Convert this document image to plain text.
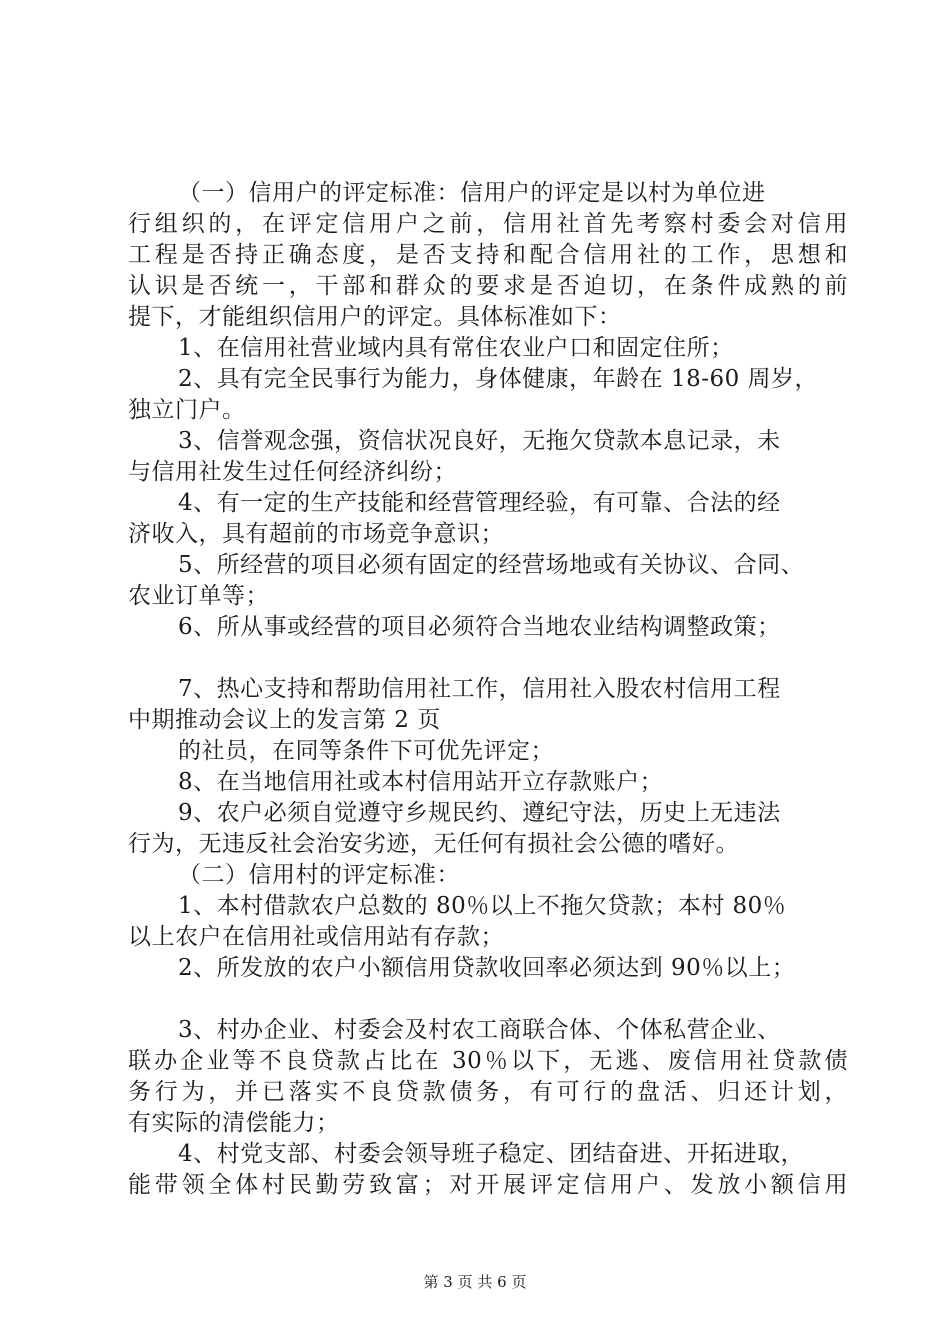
（一）信用户的评定标准：信用户的评定是以村为单位进
行组织的，在评定信用户之前，信用社首先考察村委会对信用
工程是否持正确态度，是否支持和配合信用社的工作，思想和
认识是否统一，干部和群众的要求是否迫切，在条件成熟的前
提下，才能组织信用户的评定。具体标准如下：
1、在信用社营业域内具有常住农业户口和固定住所；
2、具有完全民事行为能力，身体健康，年龄在 18-60 周岁，
独立门户。
3、信誉观念强，资信状况良好，无拖欠贷款本息记录，未
与信用社发生过任何经济纠纷；
4、有一定的生产技能和经营管理经验，有可靠、合法的经
济收入，具有超前的市场竞争意识；
5、所经营的项目必须有固定的经营场地或有关协议、合同、
农业订单等；
6、所从事或经营的项目必须符合当地农业结构调整政策；
7、热心支持和帮助信用社工作，信用社入股农村信用工程
中期推动会议上的发言第 2 页
的社员，在同等条件下可优先评定；
8、在当地信用社或本村信用站开立存款账户；
9、农户必须自觉遵守乡规民约、遵纪守法，历史上无违法
行为，无违反社会治安劣迹，无任何有损社会公德的嗜好。
（二）信用村的评定标准：
1、本村借款农户总数的 80％以上不拖欠贷款；本村 80％
以上农户在信用社或信用站有存款；
2、所发放的农户小额信用贷款收回率必须达到 90％以上；
3、村办企业、村委会及村农工商联合体、个体私营企业、
联办企业等不良贷款占比在 30％以下，无逃、废信用社贷款债
务行为，并已落实不良贷款债务，有可行的盘活、归还计划，
有实际的清偿能力；
4、村党支部、村委会领导班子稳定、团结奋进、开拓进取，
能带领全体村民勤劳致富；对开展评定信用户、发放小额信用
第 3 页 共 6 页
